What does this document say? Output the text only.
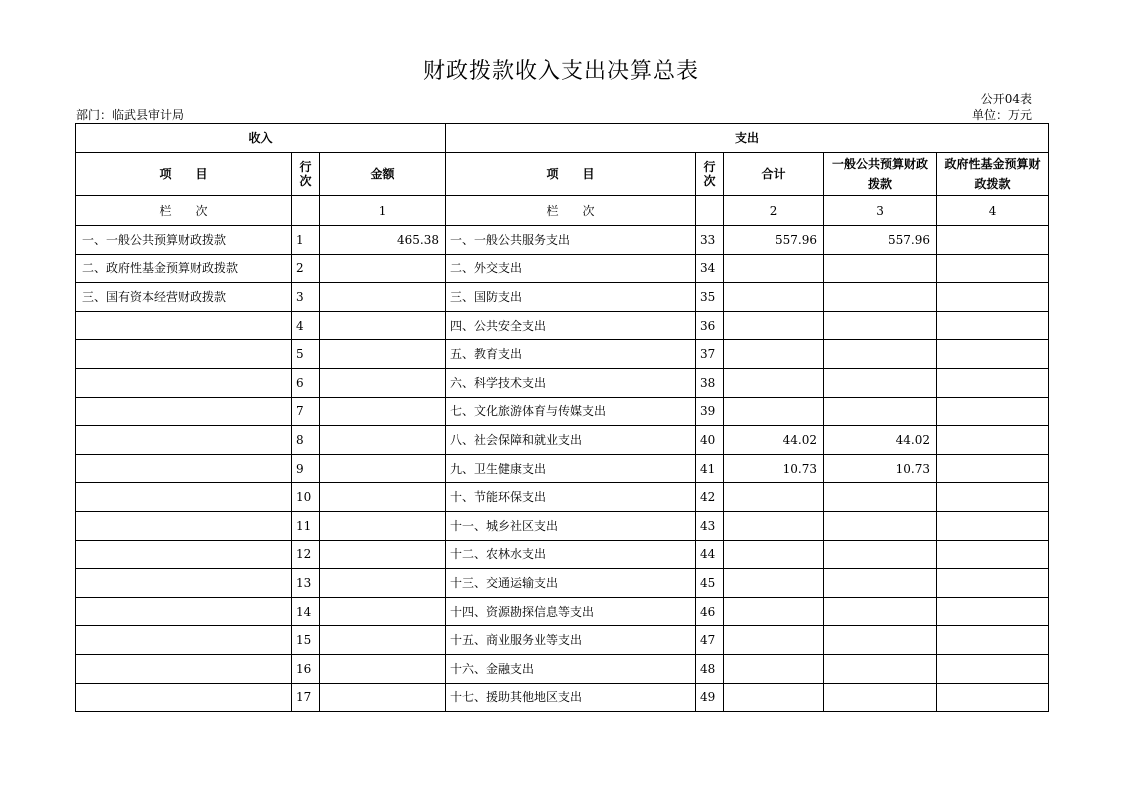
财政拨款收入支出决算总表
公开04表
部门：临武县审计局	单位：万元
收入			支出				
项　　目	行次	金额	项　　目	行次	合计	一般公共预算财政拨款	政府性基金预算财政拨款
栏　　次		1	栏　　次		2	3	4
一、一般公共预算财政拨款	1	465.38	一、一般公共服务支出	33	557.96	557.96	
二、政府性基金预算财政拨款	2		二、外交支出	34			
三、国有资本经营财政拨款	3		三、国防支出	35			
	4		四、公共安全支出	36			
	5		五、教育支出	37			
	6		六、科学技术支出	38			
	7		七、文化旅游体育与传媒支出	39			
	8		八、社会保障和就业支出	40	44.02	44.02	
	9		九、卫生健康支出	41	10.73	10.73	
	10		十、节能环保支出	42			
	11		十一、城乡社区支出	43			
	12		十二、农林水支出	44			
	13		十三、交通运输支出	45			
	14		十四、资源勘探信息等支出	46			
	15		十五、商业服务业等支出	47			
	16		十六、金融支出	48			
	17		十七、援助其他地区支出	49			
